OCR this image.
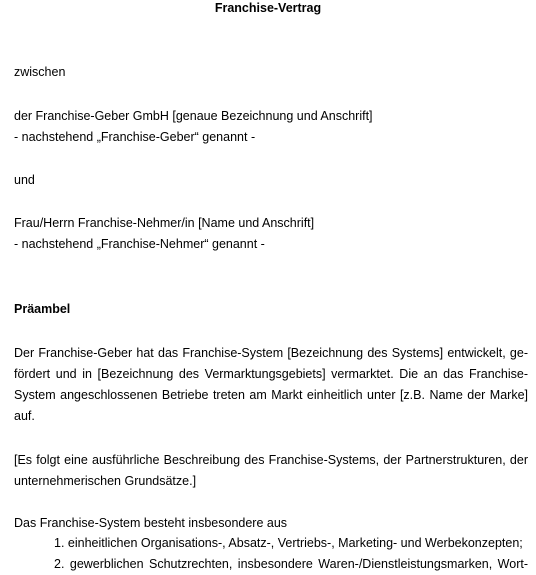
Franchise-Vertrag
zwischen
der Franchise-Geber GmbH [genaue Bezeichnung und Anschrift]
- nachstehend „Franchise-Geber“ genannt -
und
Frau/Herrn Franchise-Nehmer/in [Name und Anschrift]
- nachstehend „Franchise-Nehmer“ genannt -
Präambel
Der Franchise-Geber hat das Franchise-System [Bezeichnung des Systems] entwickelt, ge-
fördert und in [Bezeichnung des Vermarktungsgebiets] vermarktet. Die an das Franchise-
System angeschlossenen Betriebe treten am Markt einheitlich unter [z.B. Name der Marke]
auf.
[Es folgt eine ausführliche Beschreibung des Franchise-Systems, der Partnerstrukturen, der
unternehmerischen Grundsätze.]
Das Franchise-System besteht insbesondere aus
1. einheitlichen Organisations-, Absatz-, Vertriebs-, Marketing- und Werbekonzepten;
2. gewerblichen Schutzrechten, insbesondere Waren-/Dienstleistungsmarken, Wort-
